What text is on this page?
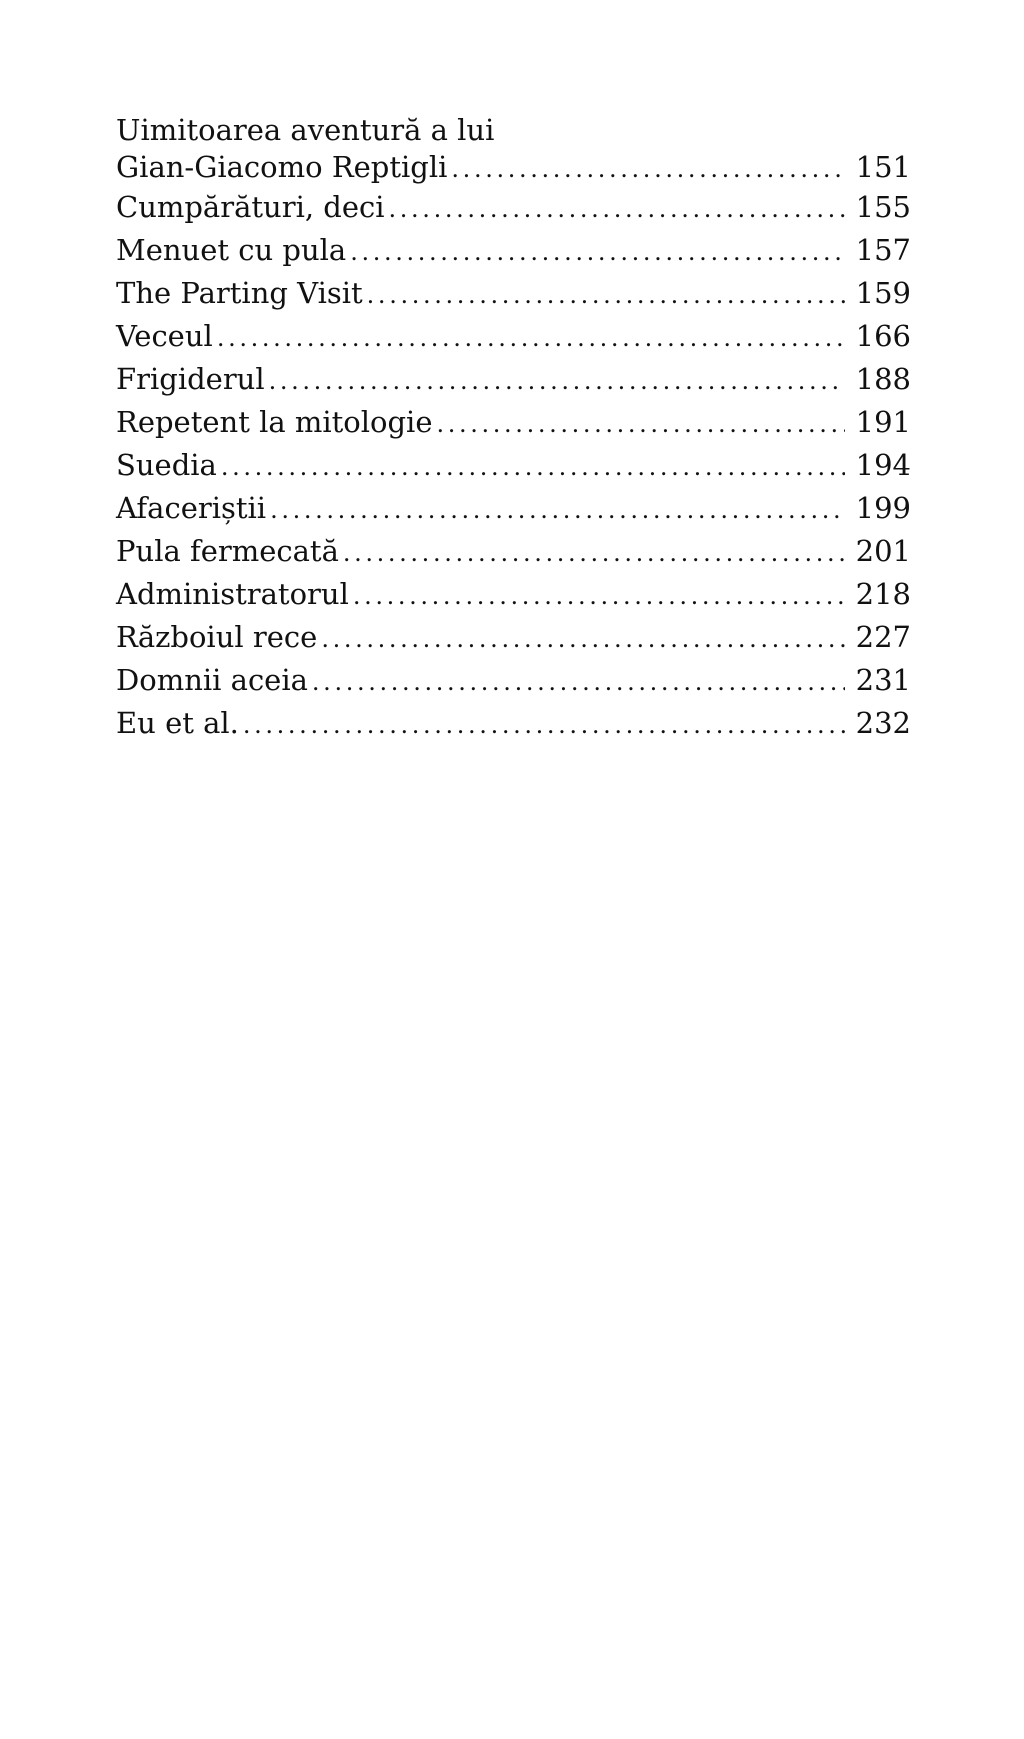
Uimitoarea aventură a lui
Gian-Giacomo Reptigli . . .	151
Cumpărături, deci . . .	155
Menuet cu pula . . .	157
The Parting Visit . . .	159
Veceul . . .	166
Frigiderul . . .	188
Repetent la mitologie . . .	191
Suedia . . .	194
Afaceriștii . . .	199
Pula fermecată . . .	201
Administratorul . . .	218
Războiul rece . . .	227
Domnii aceia . . .	231
Eu et al. . . .	232
